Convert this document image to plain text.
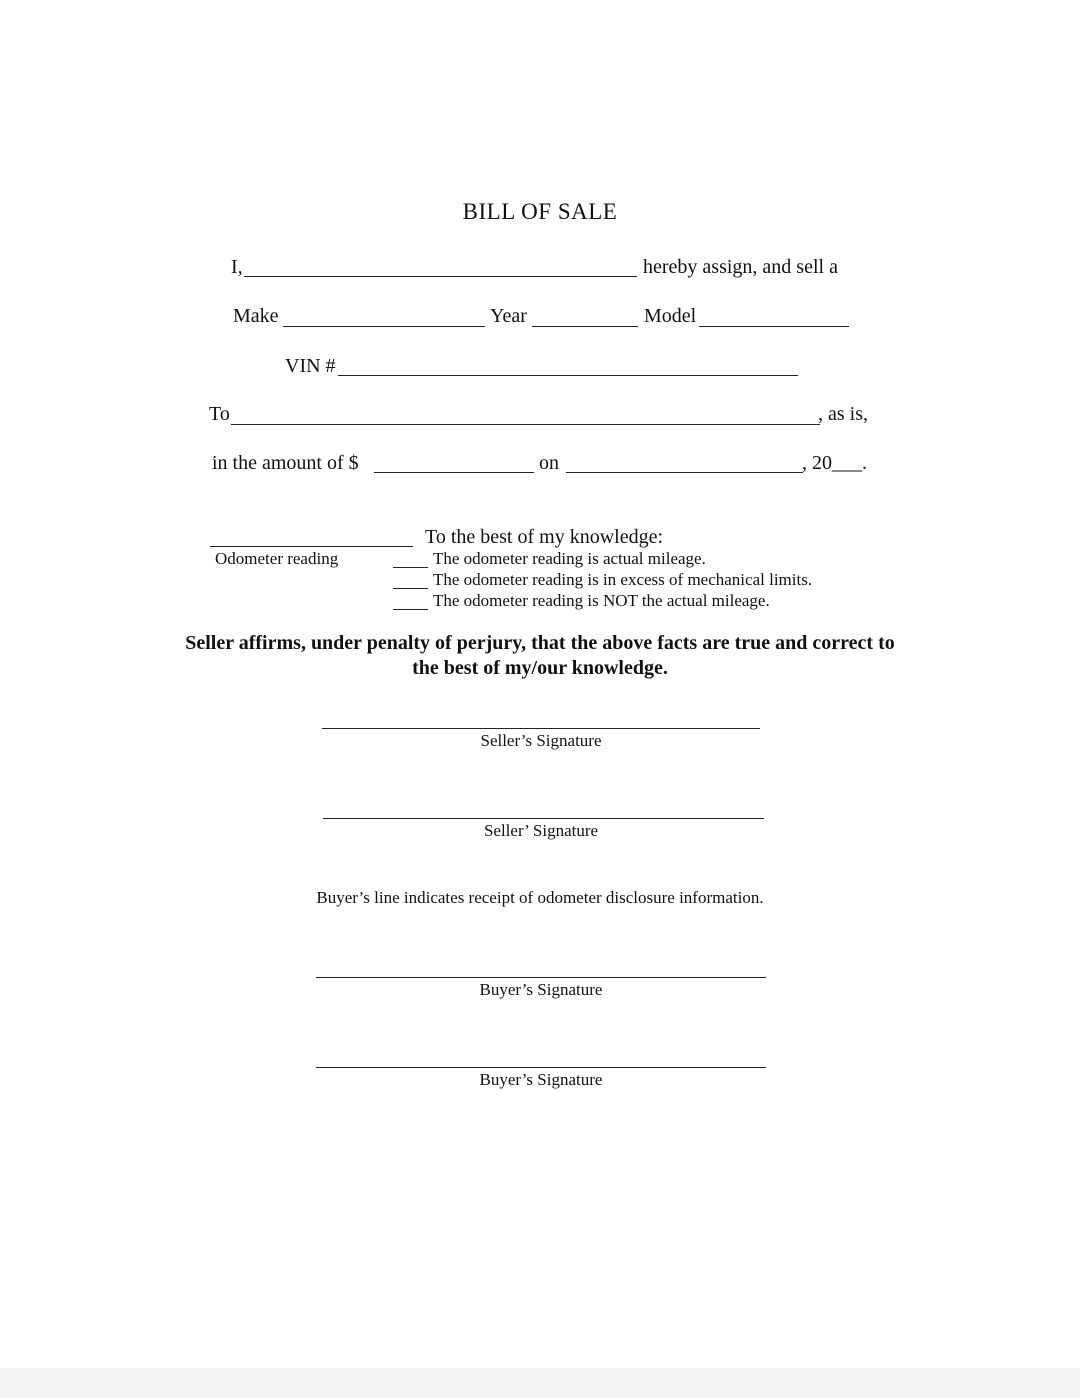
BILL OF SALE
I,	hereby assign, and sell a
Make	Year	Model
VIN #
To	, as is,
in the amount of $	on	, 20 ___.
Odometer reading
To the best of my knowledge:
The odometer reading is actual mileage.
The odometer reading is in excess of mechanical limits.
The odometer reading is NOT the actual mileage.
Seller affirms, under penalty of perjury, that the above facts are true and correct to
the best of my/our knowledge.
Seller’s Signature
Seller’ Signature
Buyer’s line indicates receipt of odometer disclosure information.
Buyer’s Signature
Buyer’s Signature
